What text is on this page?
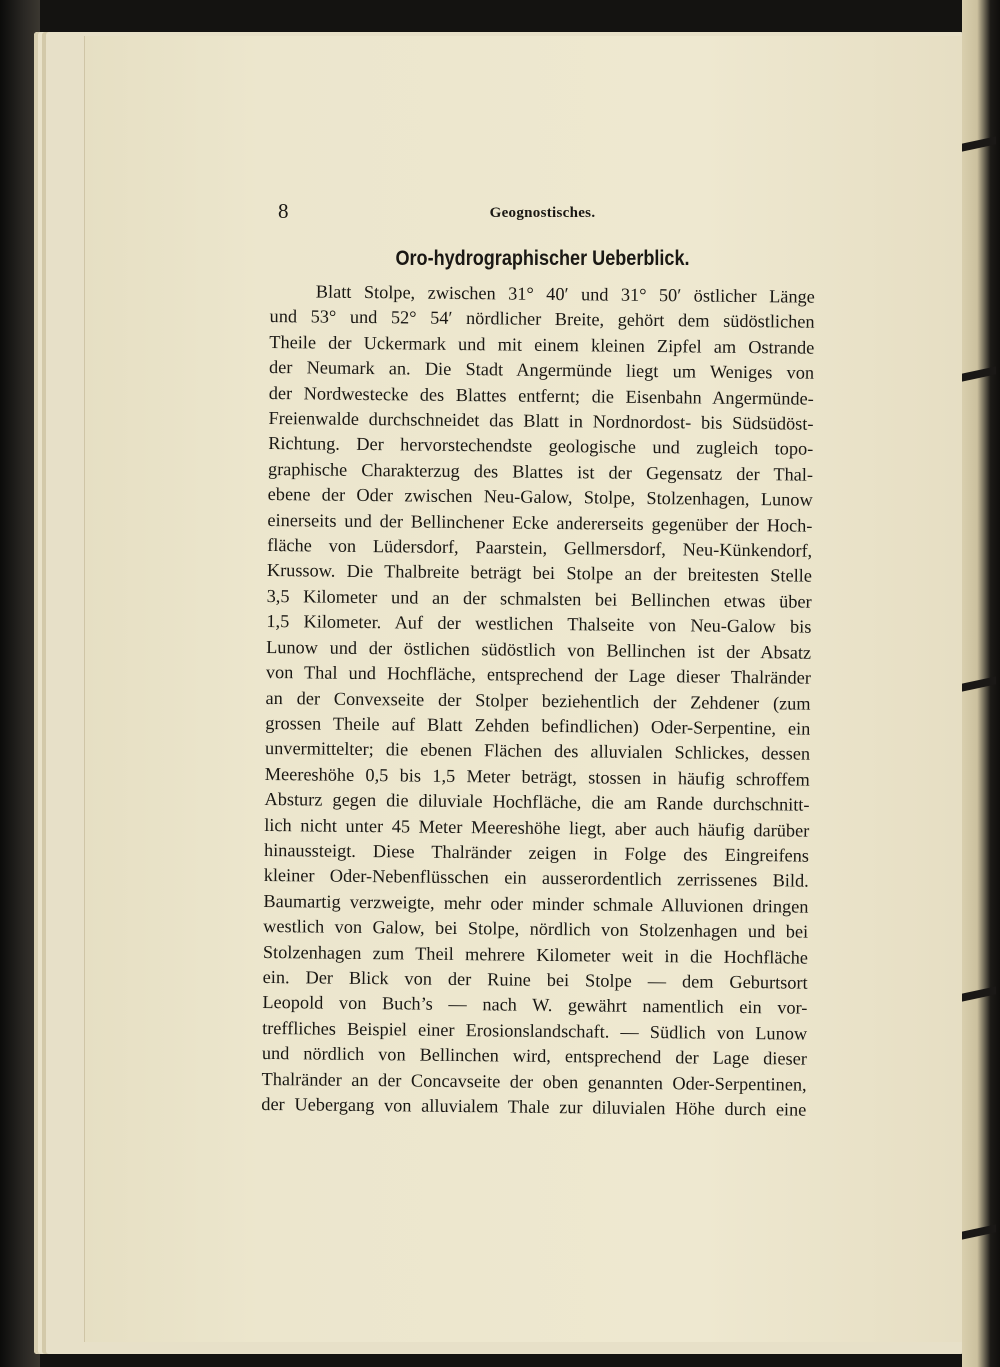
8	Geognostisches.
Oro-hydrographischer Ueberblick.
Blatt Stolpe, zwischen 31° 40′ und 31° 50′ östlicher Länge
und 53° und 52° 54′ nördlicher Breite, gehört dem südöstlichen
Theile der Uckermark und mit einem kleinen Zipfel am Ostrande
der Neumark an. Die Stadt Angermünde liegt um Weniges von
der Nordwestecke des Blattes entfernt; die Eisenbahn Angermünde-
Freienwalde durchschneidet das Blatt in Nordnordost- bis Südsüdöst-
Richtung. Der hervorstechendste geologische und zugleich topo-
graphische Charakterzug des Blattes ist der Gegensatz der Thal-
ebene der Oder zwischen Neu-Galow, Stolpe, Stolzenhagen, Lunow
einerseits und der Bellinchener Ecke andererseits gegenüber der Hoch-
fläche von Lüdersdorf, Paarstein, Gellmersdorf, Neu-Künkendorf,
Krussow. Die Thalbreite beträgt bei Stolpe an der breitesten Stelle
3,5 Kilometer und an der schmalsten bei Bellinchen etwas über
1,5 Kilometer. Auf der westlichen Thalseite von Neu-Galow bis
Lunow und der östlichen südöstlich von Bellinchen ist der Absatz
von Thal und Hochfläche, entsprechend der Lage dieser Thalränder
an der Convexseite der Stolper beziehentlich der Zehdener (zum
grossen Theile auf Blatt Zehden befindlichen) Oder-Serpentine, ein
unvermittelter; die ebenen Flächen des alluvialen Schlickes, dessen
Meereshöhe 0,5 bis 1,5 Meter beträgt, stossen in häufig schroffem
Absturz gegen die diluviale Hochfläche, die am Rande durchschnitt-
lich nicht unter 45 Meter Meereshöhe liegt, aber auch häufig darüber
hinaussteigt. Diese Thalränder zeigen in Folge des Eingreifens
kleiner Oder-Nebenflüsschen ein ausserordentlich zerrissenes Bild.
Baumartig verzweigte, mehr oder minder schmale Alluvionen dringen
westlich von Galow, bei Stolpe, nördlich von Stolzenhagen und bei
Stolzenhagen zum Theil mehrere Kilometer weit in die Hochfläche
ein. Der Blick von der Ruine bei Stolpe — dem Geburtsort
Leopold von Buch’s — nach W. gewährt namentlich ein vor-
treffliches Beispiel einer Erosionslandschaft. — Südlich von Lunow
und nördlich von Bellinchen wird, entsprechend der Lage dieser
Thalränder an der Concavseite der oben genannten Oder-Serpentinen,
der Uebergang von alluvialem Thale zur diluvialen Höhe durch eine
